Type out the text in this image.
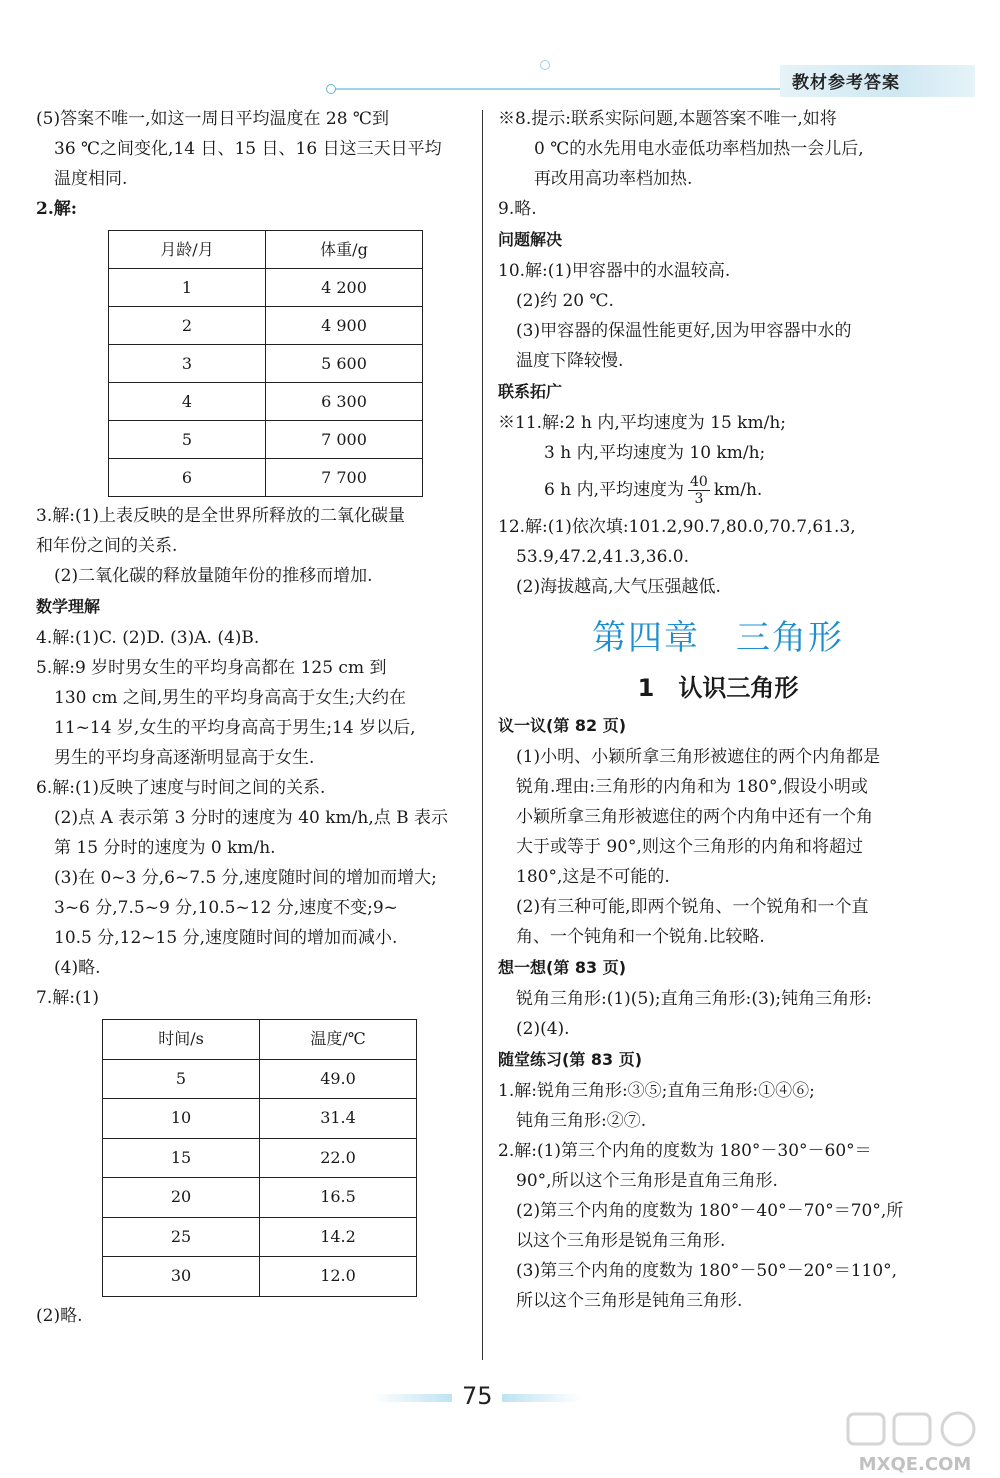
教材参考答案

(5)答案不唯一,如这一周日平均温度在 28 ℃到

36 ℃之间变化,14 日、15 日、16 日这三天日平均

温度相同.

2.解:

月龄/月	体重/g
1	4 200
2	4 900
3	5 600
4	6 300
5	7 000
6	7 700

3.解:(1)上表反映的是全世界所释放的二氧化碳量

和年份之间的关系.

(2)二氧化碳的释放量随年份的推移而增加.

数学理解

4.解:(1)C. (2)D. (3)A. (4)B.

5.解:9 岁时男女生的平均身高都在 125 cm 到

130 cm 之间,男生的平均身高高于女生;大约在

11~14 岁,女生的平均身高高于男生;14 岁以后,

男生的平均身高逐渐明显高于女生.

6.解:(1)反映了速度与时间之间的关系.

(2)点 A 表示第 3 分时的速度为 40 km/h,点 B 表示

第 15 分时的速度为 0 km/h.

(3)在 0~3 分,6~7.5 分,速度随时间的增加而增大;

3~6 分,7.5~9 分,10.5~12 分,速度不变;9~

10.5 分,12~15 分,速度随时间的增加而减小.

(4)略.

7.解:(1)

时间/s	温度/℃
5	49.0
10	31.4
15	22.0
20	16.5
25	14.2
30	12.0

(2)略.

※8.提示:联系实际问题,本题答案不唯一,如将

0 ℃的水先用电水壶低功率档加热一会儿后,

再改用高功率档加热.

9.略.

问题解决

10.解:(1)甲容器中的水温较高.

(2)约 20 ℃.

(3)甲容器的保温性能更好,因为甲容器中水的

温度下降较慢.

联系拓广

※11.解:2 h 内,平均速度为 15 km/h;

3 h 内,平均速度为 10 km/h;

6 h 内,平均速度为 $\frac{40}{3} km/h$.

12.解:(1)依次填:101.2,90.7,80.0,70.7,61.3,

53.9,47.2,41.3,36.0.

(2)海拔越高,大气压强越低.

第四章　三角形
1　认识三角形

议一议(第 82 页)

(1)小明、小颖所拿三角形被遮住的两个内角都是

锐角.理由:三角形的内角和为 180°,假设小明或

小颖所拿三角形被遮住的两个内角中还有一个角

大于或等于 90°,则这个三角形的内角和将超过

180°,这是不可能的.

(2)有三种可能,即两个锐角、一个锐角和一个直

角、一个钝角和一个锐角.比较略.

想一想(第 83 页)

锐角三角形:(1)(5);直角三角形:(3);钝角三角形:

(2)(4).

随堂练习(第 83 页)

1.解:锐角三角形:③⑤;直角三角形:①④⑥;

钝角三角形:②⑦.

2.解:(1)第三个内角的度数为 180°－30°－60°＝

90°,所以这个三角形是直角三角形.

(2)第三个内角的度数为 180°－40°－70°＝70°,所

以这个三角形是锐角三角形.

(3)第三个内角的度数为 180°－50°－20°＝110°,

所以这个三角形是钝角三角形.

75
MXQE.COM
